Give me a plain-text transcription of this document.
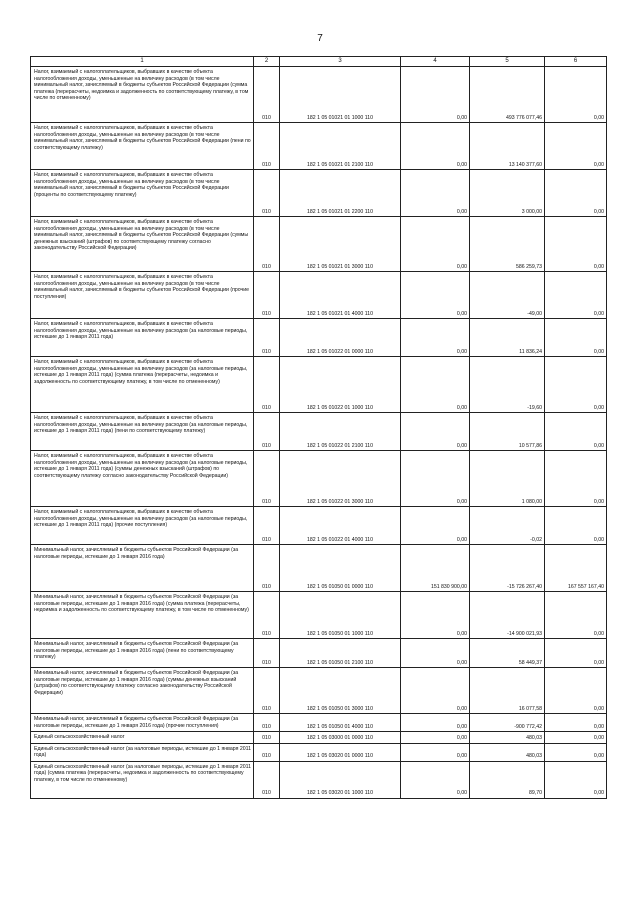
7
1	2	3	4	5	6
Налог, взимаемый с налогоплательщиков, выбравших в качестве объекта налогообложения доходы, уменьшенные на величину расходов (в том числе минимальный налог, зачисляемый в бюджеты субъектов Российской Федерации (сумма платежа (перерасчеты, недоимка и задолженность по соответствующему платежу, в том числе по отмененному)	010	182 1 05 01021 01 1000 110	0,00	493 776 077,46	0,00
Налог, взимаемый с налогоплательщиков, выбравших в качестве объекта налогообложения доходы, уменьшенные на величину расходов (в том числе минимальный налог, зачисляемый в бюджеты субъектов Российской Федерации (пени по соответствующему платежу)	010	182 1 05 01021 01 2100 110	0,00	13 140 377,60	0,00
Налог, взимаемый с налогоплательщиков, выбравших в качестве объекта налогообложения доходы, уменьшенные на величину расходов (в том числе минимальный налог, зачисляемый в бюджеты субъектов Российской Федерации (проценты по соответствующему платежу)	010	182 1 05 01021 01 2200 110	0,00	3 000,00	0,00
Налог, взимаемый с налогоплательщиков, выбравших в качестве объекта налогообложения доходы, уменьшенные на величину расходов (в том числе минимальный налог, зачисляемый в бюджеты субъектов Российской Федерации (суммы денежных взысканий (штрафов) по соответствующему платежу согласно законодательству Российской Федерации)	010	182 1 05 01021 01 3000 110	0,00	586 259,73	0,00
Налог, взимаемый с налогоплательщиков, выбравших в качестве объекта налогообложения доходы, уменьшенные на величину расходов (в том числе минимальный налог, зачисляемый в бюджеты субъектов Российской Федерации (прочие поступления)	010	182 1 05 01021 01 4000 110	0,00	-49,00	0,00
Налог, взимаемый с налогоплательщиков, выбравших в качестве объекта налогообложения доходы, уменьшенные на величину расходов (за налоговые периоды, истекшие до 1 января 2011 года)	010	182 1 05 01022 01 0000 110	0,00	11 836,24	0,00
Налог, взимаемый с налогоплательщиков, выбравших в качестве объекта налогообложения доходы, уменьшенные на величину расходов (за налоговые периоды, истекшие до 1 января 2011 года) (сумма платежа (перерасчеты, недоимка и задолженность по соответствующему платежу, в том числе по отмененному)	010	182 1 05 01022 01 1000 110	0,00	-19,60	0,00
Налог, взимаемый с налогоплательщиков, выбравших в качестве объекта налогообложения доходы, уменьшенные на величину расходов (за налоговые периоды, истекшие до 1 января 2011 года) (пени по соответствующему платежу)	010	182 1 05 01022 01 2100 110	0,00	10 577,86	0,00
Налог, взимаемый с налогоплательщиков, выбравших в качестве объекта налогообложения доходы, уменьшенные на величину расходов (за налоговые периоды, истекшие до 1 января 2011 года) (суммы денежных взысканий (штрафов) по соответствующему платежу согласно законодательству Российской Федерации)	010	182 1 05 01022 01 3000 110	0,00	1 080,00	0,00
Налог, взимаемый с налогоплательщиков, выбравших в качестве объекта налогообложения доходы, уменьшенные на величину расходов (за налоговые периоды, истекшие до 1 января 2011 года) (прочие поступления)	010	182 1 05 01022 01 4000 110	0,00	-0,02	0,00
Минимальный налог, зачисляемый в бюджеты субъектов Российской Федерации (за налоговые периоды, истекшие до 1 января 2016 года)	010	182 1 05 01050 01 0000 110	151 830 900,00	-15 726 267,40	167 557 167,40
Минимальный налог, зачисляемый в бюджеты субъектов Российской Федерации (за налоговые периоды, истекшие до 1 января 2016 года) (сумма платежа (перерасчеты, недоимка и задолженность по соответствующему платежу, в том числе по отмененному)	010	182 1 05 01050 01 1000 110	0,00	-14 900 021,93	0,00
Минимальный налог, зачисляемый в бюджеты субъектов Российской Федерации (за налоговые периоды, истекшие до 1 января 2016 года) (пени по соответствующему платежу)	010	182 1 05 01050 01 2100 110	0,00	58 449,37	0,00
Минимальный налог, зачисляемый в бюджеты субъектов Российской Федерации (за налоговые периоды, истекшие до 1 января 2016 года) (суммы денежных взысканий (штрафов) по соответствующему платежу согласно законодательству Российской Федерации)	010	182 1 05 01050 01 3000 110	0,00	16 077,58	0,00
Минимальный налог, зачисляемый в бюджеты субъектов Российской Федерации (за налоговые периоды, истекшие до 1 января 2016 года) (прочие поступления)	010	182 1 05 01050 01 4000 110	0,00	-900 772,42	0,00
Единый сельскохозяйственный налог	010	182 1 05 03000 01 0000 110	0,00	480,03	0,00
Единый сельскохозяйственный налог (за налоговые периоды, истекшие до 1 января 2011 года)	010	182 1 05 03020 01 0000 110	0,00	480,03	0,00
Единый сельскохозяйственный налог (за налоговые периоды, истекшие до 1 января 2011 года) (сумма платежа (перерасчеты, недоимка и задолженность по соответствующему платежу, в том числе по отмененному)	010	182 1 05 03020 01 1000 110	0,00	89,70	0,00
